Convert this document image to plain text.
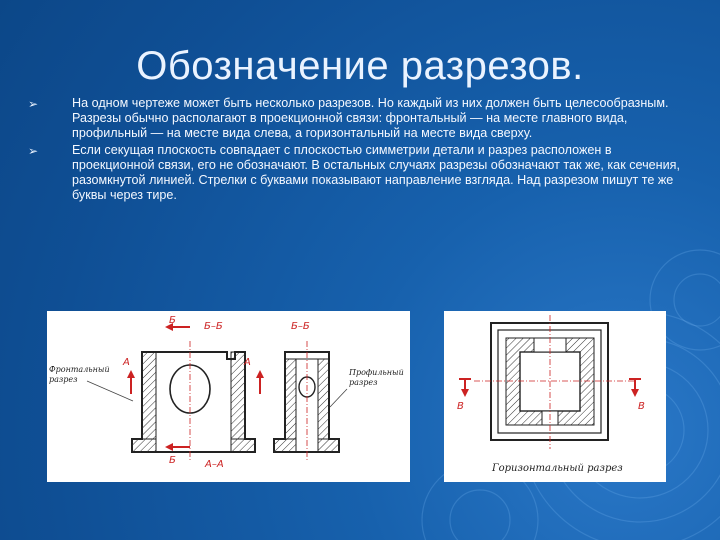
Обозначение разрезов.
➢	На одном чертеже может быть несколько разрезов. Но каждый из них должен быть целесообразным. Разрезы обычно располагают в проекционной связи: фронтальный — на месте главного вида, профильный — на месте вида слева, а горизонтальный на месте вида сверху.
➢	Если секущая плоскость совпадает с плоскостью симметрии детали и разрез расположен в проекционной связи, его не обозначают. В остальных случаях разрезы обозначают так же, как сечения, разомкнутой линией. Стрелки с буквами показывают направление взгляда. Над разрезом пишут те же буквы через тире.
Б
Б–Б
А	А
Б	А–А
Фронтальный разрез
Б–Б
Профильный разрез
В	В
Горизонтальный разрез
